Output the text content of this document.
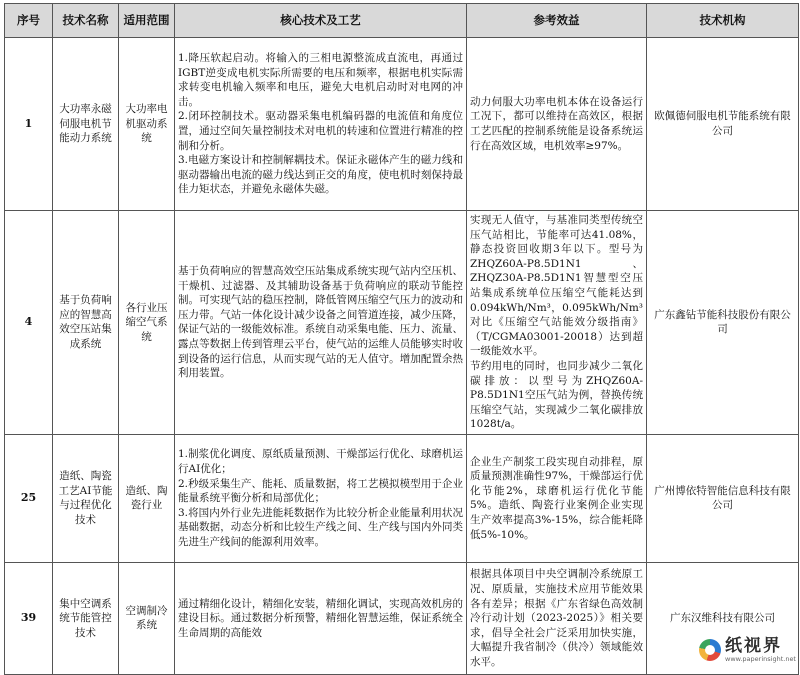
序号	技术名称	适用范围	核心技术及工艺	参考效益	技术机构
1	大功率永磁伺服电机节能动力系统	大功率电机驱动系统	1.降压软起启动。将输入的三相电源整流成直流电，再通过IGBT逆变成电机实际所需要的电压和频率，根据电机实际需求转变电机输入频率和电压，避免大电机启动时对电网的冲击。
2.闭环控制技术。驱动器采集电机编码器的电流值和角度位置，通过空间矢量控制技术对电机的转速和位置进行精准的控制和分析。
3.电磁方案设计和控制解耦技术。保证永磁体产生的磁力线和驱动器输出电流的磁力线达到正交的角度，使电机时刻保持最佳力矩状态，并避免永磁体失磁。	动力伺服大功率电机本体在设备运行工况下，都可以维持在高效区，根据工艺匹配的控制系统能是设备系统运行在高效区域，电机效率≥97%。	欧佩德伺服电机节能系统有限公司
4	基于负荷响应的智慧高效空压站集成系统	各行业压缩空气系统	基于负荷响应的智慧高效空压站集成系统实现气站内空压机、干燥机、过滤器、及其辅助设备基于负荷响应的联动节能控制。可实现气站的稳压控制，降低管网压缩空气压力的波动和压力带。气站一体化设计减少设备之间管道连接，减少压降，保证气站的一级能效标准。系统自动采集电能、压力、流量、露点等数据上传到管理云平台，使气站的运维人员能够实时收到设备的运行信息，从而实现气站的无人值守。增加配置余热利用装置。	实现无人值守，与基准同类型传统空压气站相比，节能率可达41.08%，静态投资回收期3年以下。型号为ZHQZ60A-P8.5D1N1、ZHQZ30A-P8.5D1N1智慧型空压站集成系统单位压缩空气能耗达到0.094kWh/Nm³，0.095kWh/Nm³对比《压缩空气站能效分级指南》（T/CGMA03001-20018）达到超一级能效水平。
节约用电的同时，也同步减少二氧化碳排放：以型号为ZHQZ60A-P8.5D1N1空压气站为例，替换传统压缩空气站，实现减少二氧化碳排放1028t/a。	广东鑫钻节能科技股份有限公司
25	造纸、陶瓷工艺AI节能与过程优化技术	造纸、陶瓷行业	1.制浆优化调度、原纸质量预测、干燥部运行优化、球磨机运行AI优化；
2.秒级采集生产、能耗、质量数据，将工艺模拟模型用于企业能量系统平衡分析和局部优化；
3.将国内外行业先进能耗数据作为比较分析企业能量利用状况基础数据，动态分析和比较生产线之间、生产线与国内外同类先进生产线间的能源利用效率。	企业生产制浆工段实现自动排程，原质量预测准确性97%，干燥部运行优化节能2%，球磨机运行优化节能5%。造纸、陶瓷行业案例企业实现生产效率提高3%-15%，综合能耗降低5%-10%。	广州博依特智能信息科技有限公司
39	集中空调系统节能管控技术	空调制冷系统	通过精细化设计，精细化安装，精细化调试，实现高效机房的建设目标。通过数据分析预警，精细化智慧运维，保证系统全生命周期的高能效	根据具体项目中央空调制冷系统原工况、原质量，实施技术应用节能效果各有差异；根据《广东省绿色高效制冷行动计划（2023-2025）》相关要求，倡导全社会广泛采用加快实施，大幅提升我省制冷（供冷）领域能效水平。	广东汉维科技有限公司
纸视界
www.paperinsight.net
